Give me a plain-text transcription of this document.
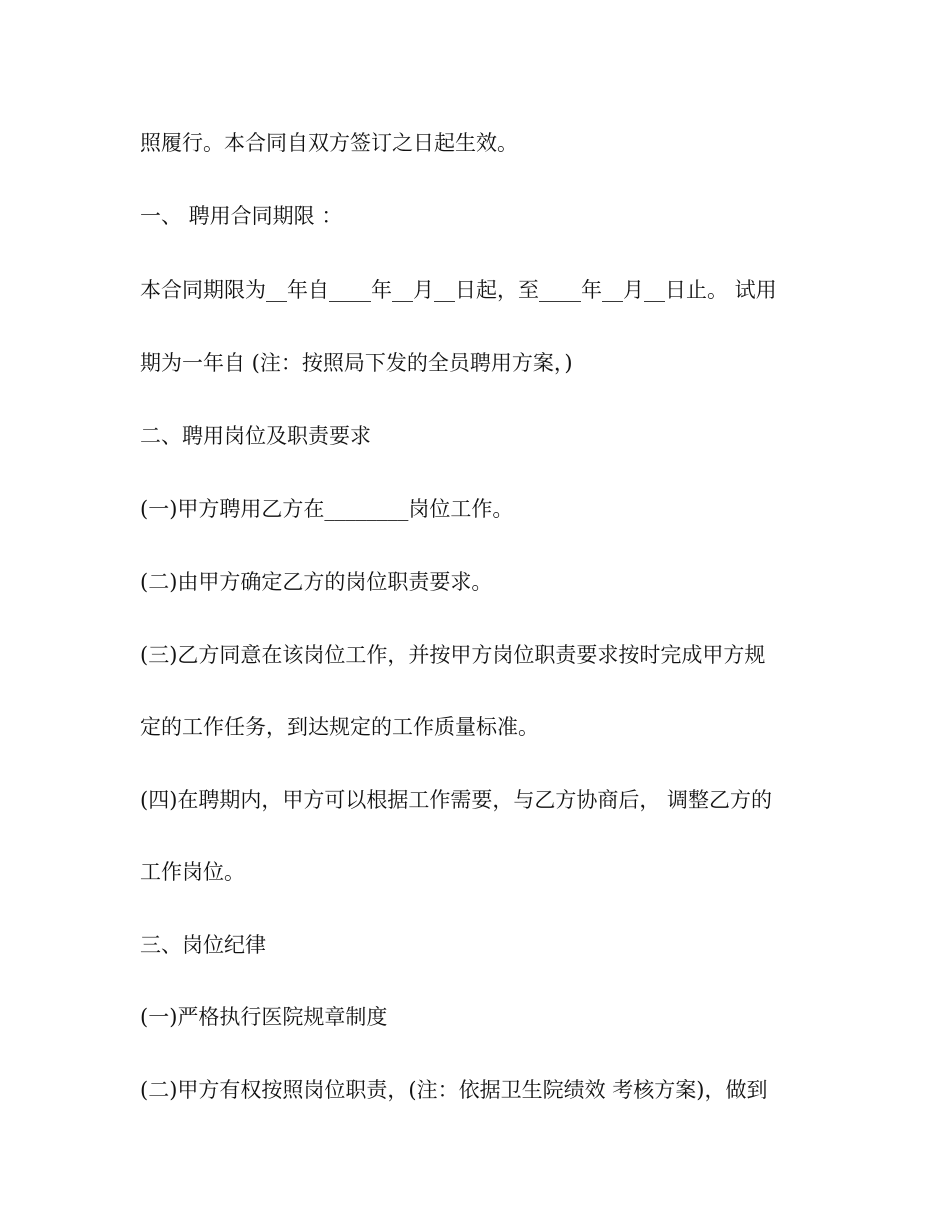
照履行。本合同自双方签订之日起生效。
一、 聘用合同期限 ：
本合同期限为__年自____年__月__日起，至____年__月__日止。 试用
期为一年自 (注：按照局下发的全员聘用方案，)
二、聘用岗位及职责要求
(一)甲方聘用乙方在________岗位工作。
(二)由甲方确定乙方的岗位职责要求。
(三)乙方同意在该岗位工作，并按甲方岗位职责要求按时完成甲方规
定的工作任务，到达规定的工作质量标准。
(四)在聘期内，甲方可以根据工作需要，与乙方协商后， 调整乙方的
工作岗位。
三、岗位纪律
(一)严格执行医院规章制度
(二)甲方有权按照岗位职责，(注：依据卫生院绩效 考核方案)，做到
